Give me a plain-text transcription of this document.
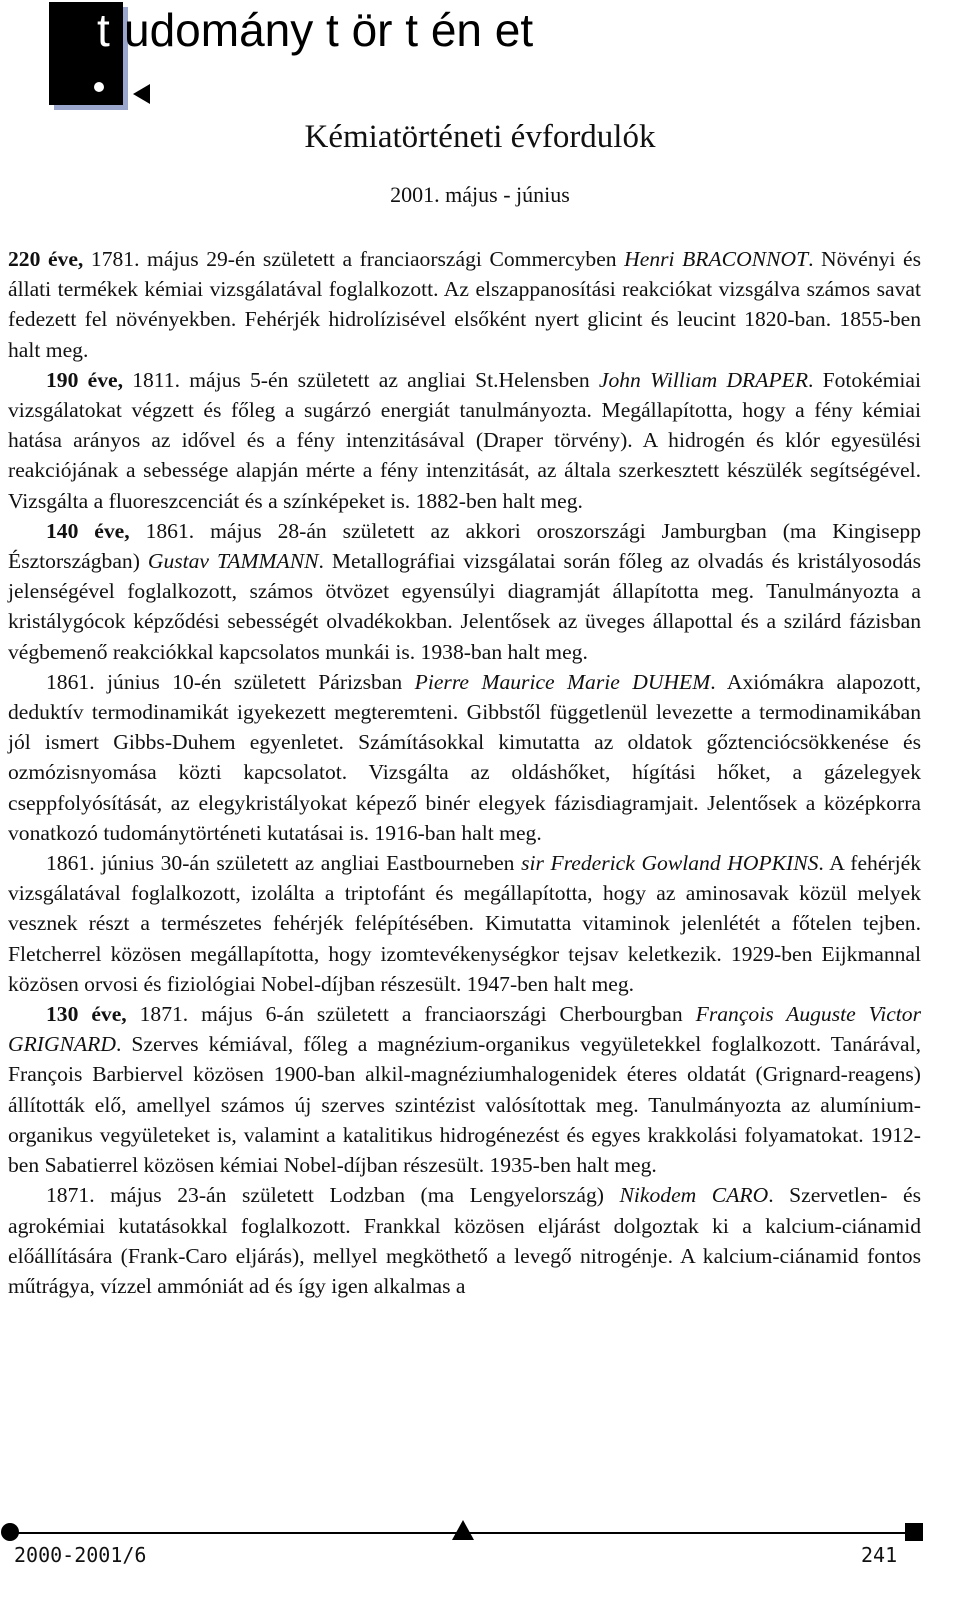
t udomány t ör t én et
Kémiatörténeti évfordulók
2001. május - június

220 éve, 1781. május 29-én született a franciaországi Commercyben Henri BRACONNOT. Növényi és állati termékek kémiai vizsgálatával foglalkozott. Az elszappanosítási reakciókat vizsgálva számos savat fedezett fel növényekben. Fehérjék hidrolízisével elsőként nyert glicint és leucint 1820-ban. 1855-ben halt meg.

190 éve, 1811. május 5-én született az angliai St.Helensben John William DRAPER. Fotokémiai vizsgálatokat végzett és főleg a sugárzó energiát tanulmányozta. Megállapította, hogy a fény kémiai hatása arányos az idővel és a fény intenzitásával (Draper törvény). A hidrogén és klór egyesülési reakciójának a sebessége alapján mérte a fény intenzitását, az általa szerkesztett készülék segítségével. Vizsgálta a fluoreszcenciát és a színképeket is. 1882-ben halt meg.

140 éve, 1861. május 28-án született az akkori oroszországi Jamburgban (ma Kingisepp Észtországban) Gustav TAMMANN. Metallográfiai vizsgálatai során főleg az olvadás és kristályosodás jelenségével foglalkozott, számos ötvözet egyensúlyi diagramját állapította meg. Tanulmányozta a kristálygócok képződési sebességét olvadékokban. Jelentősek az üveges állapottal és a szilárd fázisban végbemenő reakciókkal kapcsolatos munkái is. 1938-ban halt meg.

1861. június 10-én született Párizsban Pierre Maurice Marie DUHEM. Axiómákra alapozott, deduktív termodinamikát igyekezett megteremteni. Gibbstől függetlenül levezette a termodinamikában jól ismert Gibbs-Duhem egyenletet. Számításokkal kimutatta az oldatok gőztenciócsökkenése és ozmózisnyomása közti kapcsolatot. Vizsgálta az oldáshőket, hígítási hőket, a gázelegyek cseppfolyósítását, az elegykristályokat képező binér elegyek fázisdiagramjait. Jelentősek a középkorra vonatkozó tudománytörténeti kutatásai is. 1916-ban halt meg.

1861. június 30-án született az angliai Eastbourneben sir Frederick Gowland HOPKINS. A fehérjék vizsgálatával foglalkozott, izolálta a triptofánt és megállapította, hogy az aminosavak közül melyek vesznek részt a természetes fehérjék felépítésében. Kimutatta vitaminok jelenlétét a főtelen tejben. Fletcherrel közösen megállapította, hogy izomtevékenységkor tejsav keletkezik. 1929-ben Eijkmannal közösen orvosi és fiziológiai Nobel-díjban részesült. 1947-ben halt meg.

130 éve, 1871. május 6-án született a franciaországi Cherbourgban François Auguste Victor GRIGNARD. Szerves kémiával, főleg a magnézium-organikus vegyületekkel foglalkozott. Tanárával, François Barbiervel közösen 1900-ban alkil-magnéziumhalogenidek éteres oldatát (Grignard-reagens) állították elő, amellyel számos új szerves szintézist valósítottak meg. Tanulmányozta az alumínium-organikus vegyületeket is, valamint a katalitikus hidrogénezést és egyes krakkolási folyamatokat. 1912-ben Sabatierrel közösen kémiai Nobel-díjban részesült. 1935-ben halt meg.

1871. május 23-án született Lodzban (ma Lengyelország) Nikodem CARO. Szervetlen- és agrokémiai kutatásokkal foglalkozott. Frankkal közösen eljárást dolgoztak ki a kalcium-ciánamid előállítására (Frank-Caro eljárás), mellyel megköthető a levegő nitrogénje. A kalcium-ciánamid fontos műtrágya, vízzel ammóniát ad és így igen alkalmas a

2000-2001/6	241
